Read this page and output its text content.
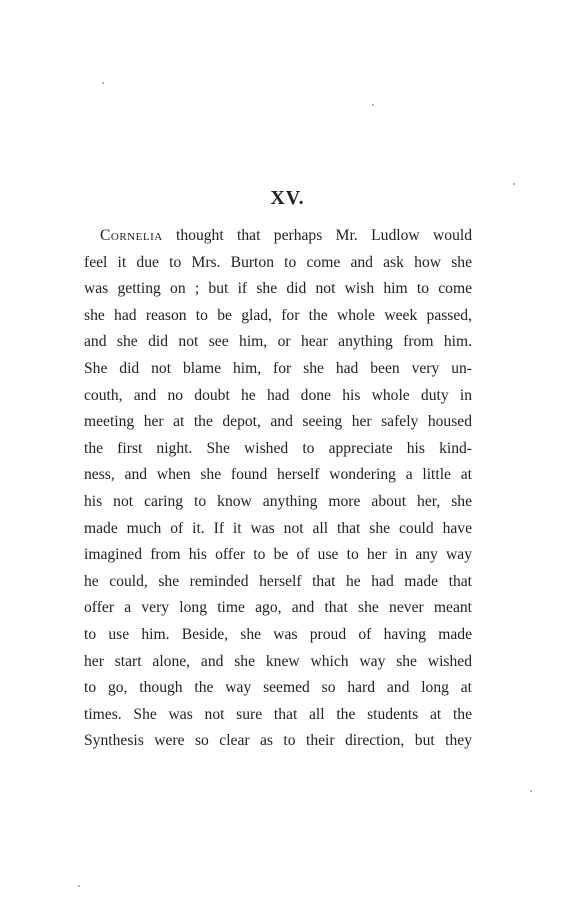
XV.
Cornelia thought that perhaps Mr. Ludlow would
feel it due to Mrs. Burton to come and ask how she
was getting on ; but if she did not wish him to come
she had reason to be glad, for the whole week passed,
and she did not see him, or hear anything from him.
She did not blame him, for she had been very un-
couth, and no doubt he had done his whole duty in
meeting her at the depot, and seeing her safely housed
the first night. She wished to appreciate his kind-
ness, and when she found herself wondering a little at
his not caring to know anything more about her, she
made much of it. If it was not all that she could have
imagined from his offer to be of use to her in any way
he could, she reminded herself that he had made that
offer a very long time ago, and that she never meant
to use him. Beside, she was proud of having made
her start alone, and she knew which way she wished
to go, though the way seemed so hard and long at
times. She was not sure that all the students at the
Synthesis were so clear as to their direction, but they
